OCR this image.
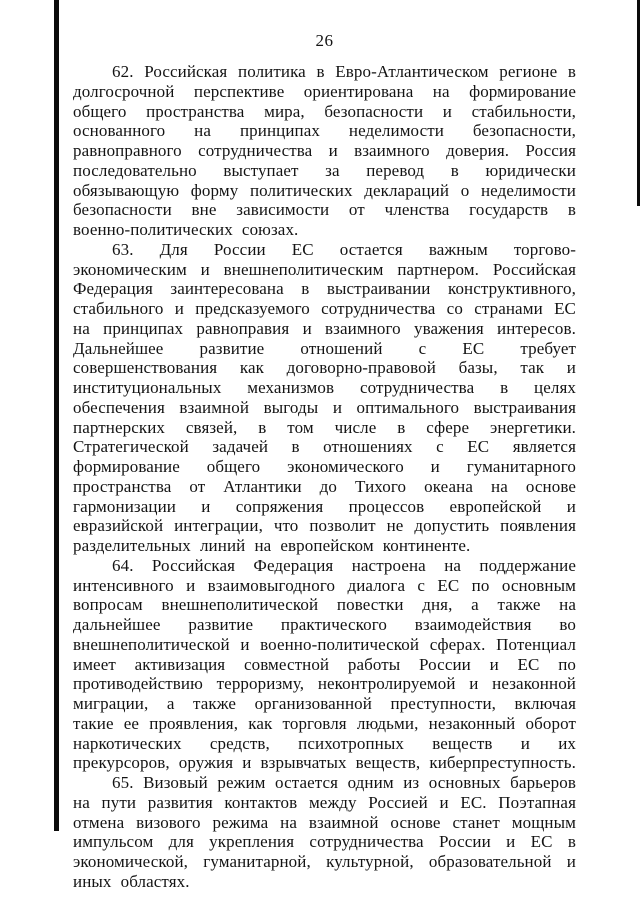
26

62. Российская политика в Евро-Атлантическом регионе в долгосрочной перспективе ориентирована на формирование общего пространства мира, безопасности и стабильности, основанного на принципах неделимости безопасности, равноправного сотрудничества и взаимного доверия. Россия последовательно выступает за перевод в юридически обязывающую форму политических деклараций о неделимости безопасности вне зависимости от членства государств в военно-политических союзах.

63. Для России ЕС остается важным торгово-экономическим и внешнеполитическим партнером. Российская Федерация заинтересована в выстраивании конструктивного, стабильного и предсказуемого сотрудничества со странами ЕС на принципах равноправия и взаимного уважения интересов. Дальнейшее развитие отношений с ЕС требует совершенствования как договорно-правовой базы, так и институциональных механизмов сотрудничества в целях обеспечения взаимной выгоды и оптимального выстраивания партнерских связей, в том числе в сфере энергетики. Стратегической задачей в отношениях с ЕС является формирование общего экономического и гуманитарного пространства от Атлантики до Тихого океана на основе гармонизации и сопряжения процессов европейской и евразийской интеграции, что позволит не допустить появления разделительных линий на европейском континенте.

64. Российская Федерация настроена на поддержание интенсивного и взаимовыгодного диалога с ЕС по основным вопросам внешнеполитической повестки дня, а также на дальнейшее развитие практического взаимодействия во внешнеполитической и военно-политической сферах. Потенциал имеет активизация совместной работы России и ЕС по противодействию терроризму, неконтролируемой и незаконной миграции, а также организованной преступности, включая такие ее проявления, как торговля людьми, незаконный оборот наркотических средств, психотропных веществ и их прекурсоров, оружия и взрывчатых веществ, киберпреступность.

65. Визовый режим остается одним из основных барьеров на пути развития контактов между Россией и ЕС. Поэтапная отмена визового режима на взаимной основе станет мощным импульсом для укрепления сотрудничества России и ЕС в экономической, гуманитарной, культурной, образовательной и иных областях.
